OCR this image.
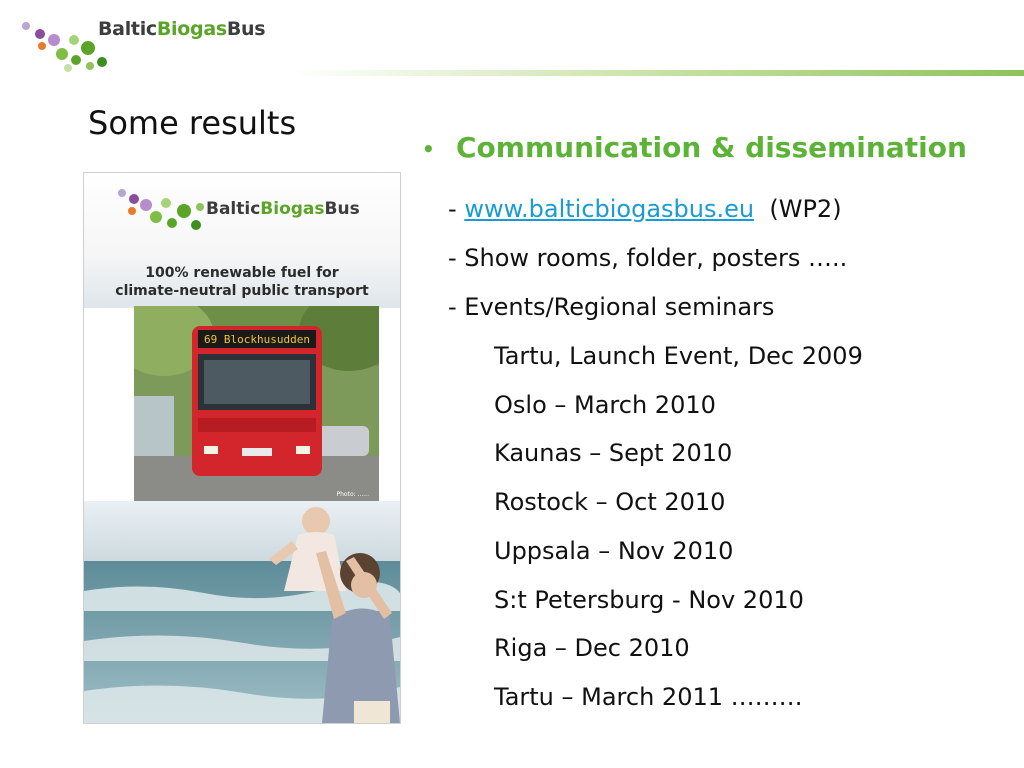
BalticBiogasBus
Some results
BalticBiogasBus
100% renewable fuel for
climate-neutral public transport
69 Blockhusudden
Photo: ......
• Communication & dissemination
- www.balticbiogasbus.eu (WP2)
- Show rooms, folder, posters …..
- Events/Regional seminars
Tartu, Launch Event, Dec 2009
Oslo – March 2010
Kaunas – Sept 2010
Rostock – Oct 2010
Uppsala – Nov 2010
S:t Petersburg - Nov 2010
Riga – Dec 2010
Tartu – March 2011 ………
